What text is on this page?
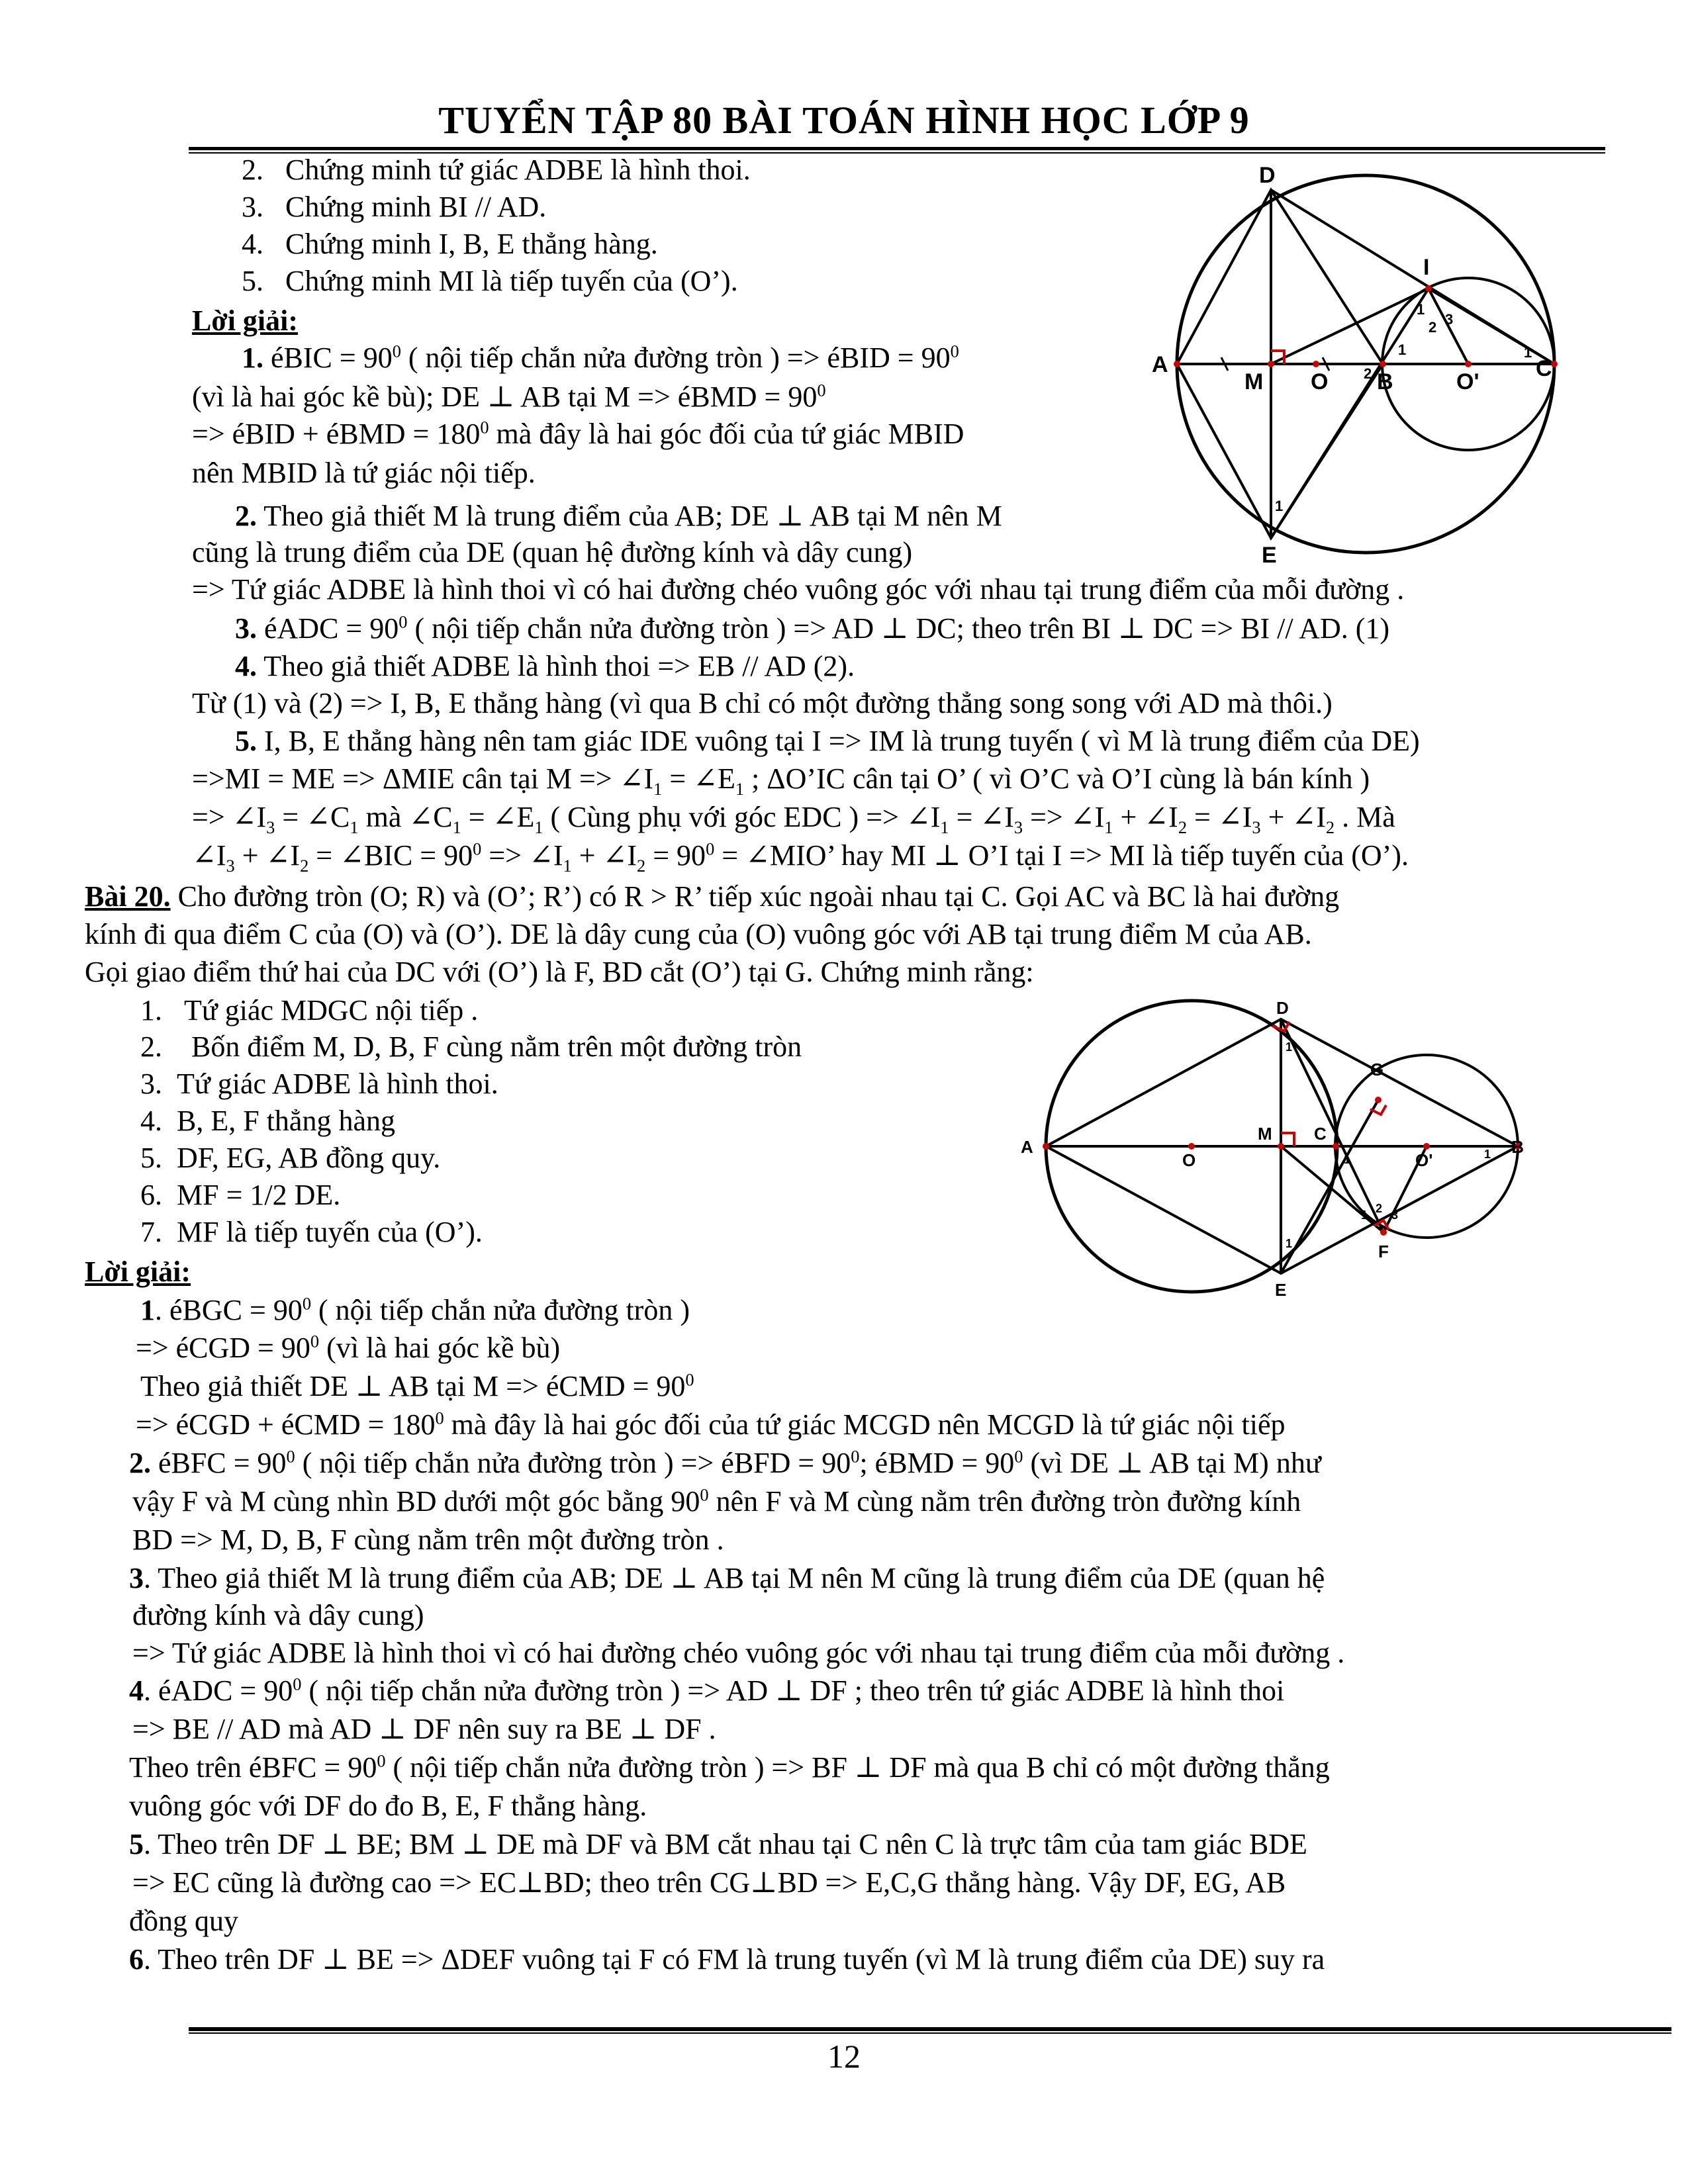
TUYỂN TẬP 80 BÀI TOÁN HÌNH HỌC LỚP 9
2. Chứng minh tứ giác ADBE là hình thoi.
3. Chứng minh BI // AD.
4. Chứng minh I, B, E thẳng hàng.
5. Chứng minh MI là tiếp tuyến của (O’).
Lời giải:
1. éBIC = $90^0$ ( nội tiếp chắn nửa đường tròn ) => éBID = $90^0$
(vì là hai góc kề bù); DE ⊥ AB tại M => éBMD = $90^0$
=> éBID + éBMD = $180^0$ mà đây là hai góc đối của tứ giác MBID
nên MBID là tứ giác nội tiếp.
2. Theo giả thiết M là trung điểm của AB; DE ⊥ AB tại M nên M
cũng là trung điểm của DE (quan hệ đường kính và dây cung)
=> Tứ giác ADBE là hình thoi vì có hai đường chéo vuông góc với nhau tại trung điểm của mỗi đường .
3. éADC = $90^0$ ( nội tiếp chắn nửa đường tròn ) => AD ⊥ DC; theo trên BI ⊥ DC => BI // AD. (1)
4. Theo giả thiết ADBE là hình thoi => EB // AD (2).
Từ (1) và (2) => I, B, E thẳng hàng (vì qua B chỉ có một đường thẳng song song với AD mà thôi.)
5. I, B, E thẳng hàng nên tam giác IDE vuông tại I => IM là trung tuyến ( vì M là trung điểm của DE)
=>MI = ME => ΔMIE cân tại $M => \angle I_1$ = $\angle E_1$ ; ΔO’IC cân tại O’ ( vì O’C và O’I cùng là bán kính )
=> $\angle I_3$ = $\angle C_1$ mà $\angle C_1$ = $\angle E_1$ ( Cùng phụ với góc EDC ) => $\angle I_1$ = $\angle I_3$ => $\angle I_1$ + $\angle I_2$ = $\angle I_3$ + $\angle I_2$ . Mà
$\angle I_3$ + $\angle I_2$ = ∠BIC = $90^0$ => $\angle I_1$ + $\angle I_2 = 90^0$ = ∠MIO’ hay MI ⊥ O’I tại I => MI là tiếp tuyến của (O’).
Bài 20. Cho đường tròn (O; R) và (O’; R’) có R > R’ tiếp xúc ngoài nhau tại C. Gọi AC và BC là hai đường
kính đi qua điểm C của (O) và (O’). DE là dây cung của (O) vuông góc với AB tại trung điểm M của AB.
Gọi giao điểm thứ hai của DC với (O’) là F, BD cắt (O’) tại G. Chứng minh rằng:
1. Tứ giác MDGC nội tiếp .
2.    Bốn điểm M, D, B, F cùng nằm trên một đường tròn
3. Tứ giác ADBE là hình thoi.
4. B, E, F thẳng hàng
5. DF, EG, AB đồng quy.
6. MF = 1/2 DE.
7. MF là tiếp tuyến của (O’).
Lời giải:
1. éBGC = $90^0$ ( nội tiếp chắn nửa đường tròn )
=> éCGD = $90^0$ (vì là hai góc kề bù)
Theo giả thiết DE ⊥ AB tại M => éCMD = $90^0$
=> éCGD + éCMD = $180^0$ mà đây là hai góc đối của tứ giác MCGD nên MCGD là tứ giác nội tiếp
2. éBFC = $90^0$ ( nội tiếp chắn nửa đường tròn ) => éBFD = $90^0$; éBMD = $90^0$ (vì DE ⊥ AB tại M) như
vậy F và M cùng nhìn BD dưới một góc bằng $90^0$ nên F và M cùng nằm trên đường tròn đường kính
BD => M, D, B, F cùng nằm trên một đường tròn .
3. Theo giả thiết M là trung điểm của AB; DE ⊥ AB tại M nên M cũng là trung điểm của DE (quan hệ
đường kính và dây cung)
=> Tứ giác ADBE là hình thoi vì có hai đường chéo vuông góc với nhau tại trung điểm của mỗi đường .
4. éADC = $90^0$ ( nội tiếp chắn nửa đường tròn ) => AD ⊥ DF ; theo trên tứ giác ADBE là hình thoi
=> BE // AD mà AD ⊥ DF nên suy ra BE ⊥ DF .
Theo trên éBFC = $90^0$ ( nội tiếp chắn nửa đường tròn ) => BF ⊥ DF mà qua B chỉ có một đường thẳng
vuông góc với DF do đo B, E, F thẳng hàng.
5. Theo trên DF ⊥ BE; BM ⊥ DE mà DF và BM cắt nhau tại C nên C là trực tâm của tam giác BDE
=> EC cũng là đường cao => EC⊥BD; theo trên CG⊥BD => E,C,G thẳng hàng. Vậy DF, EG, AB
đồng quy
6. Theo trên DF ⊥ BE => ΔDEF vuông tại F có FM là trung tuyến (vì M là trung điểm của DE) suy ra
12
D
I
A
M O B	O'
C
E
1
2 3
1
2
1
1
D
G
A
M C
O	O'
B
F
E
1
1
1 2 3
1
1
